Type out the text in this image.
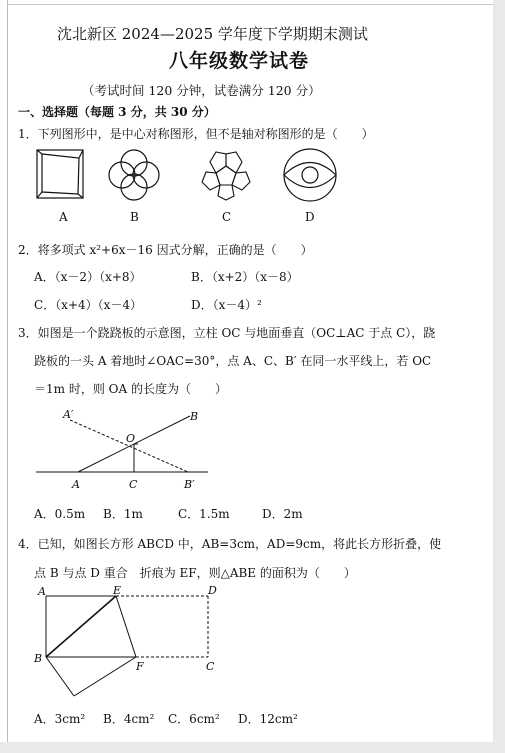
沈北新区 2024—2025 学年度下学期期末测试
八年级数学试卷
（考试时间 120 分钟，试卷满分 120 分）
一、选择题（每题 3 分，共 30 分）
1．下列图形中，是中心对称图形，但不是轴对称图形的是（　　）
A	B	C	D
2．将多项式 x²+6x－16 因式分解，正确的是（　　）
A．（x－2）（x+8）	B．（x+2）（x－8）
C．（x+4）（x－4）	D．（x－4）²
3．如图是一个跷跷板的示意图，立柱 OC 与地面垂直（OC⊥AC 于点 C），跷
跷板的一头 A 着地时∠OAC=30°，点 A、C、B′ 在同一水平线上，若 OC
＝1m 时，则 OA 的长度为（　　）
A′	B
O
A	C	B′
A．0.5m B．1m	C．1.5m	D．2m
4．已知，如图长方形 ABCD 中，AB=3cm，AD=9cm，将此长方形折叠，使
点 B 与点 D 重合　折痕为 EF，则△ABE 的面积为（　　）
A	E	D
B
F	C
A．3cm² B．4cm² C．6cm² D．12cm²
